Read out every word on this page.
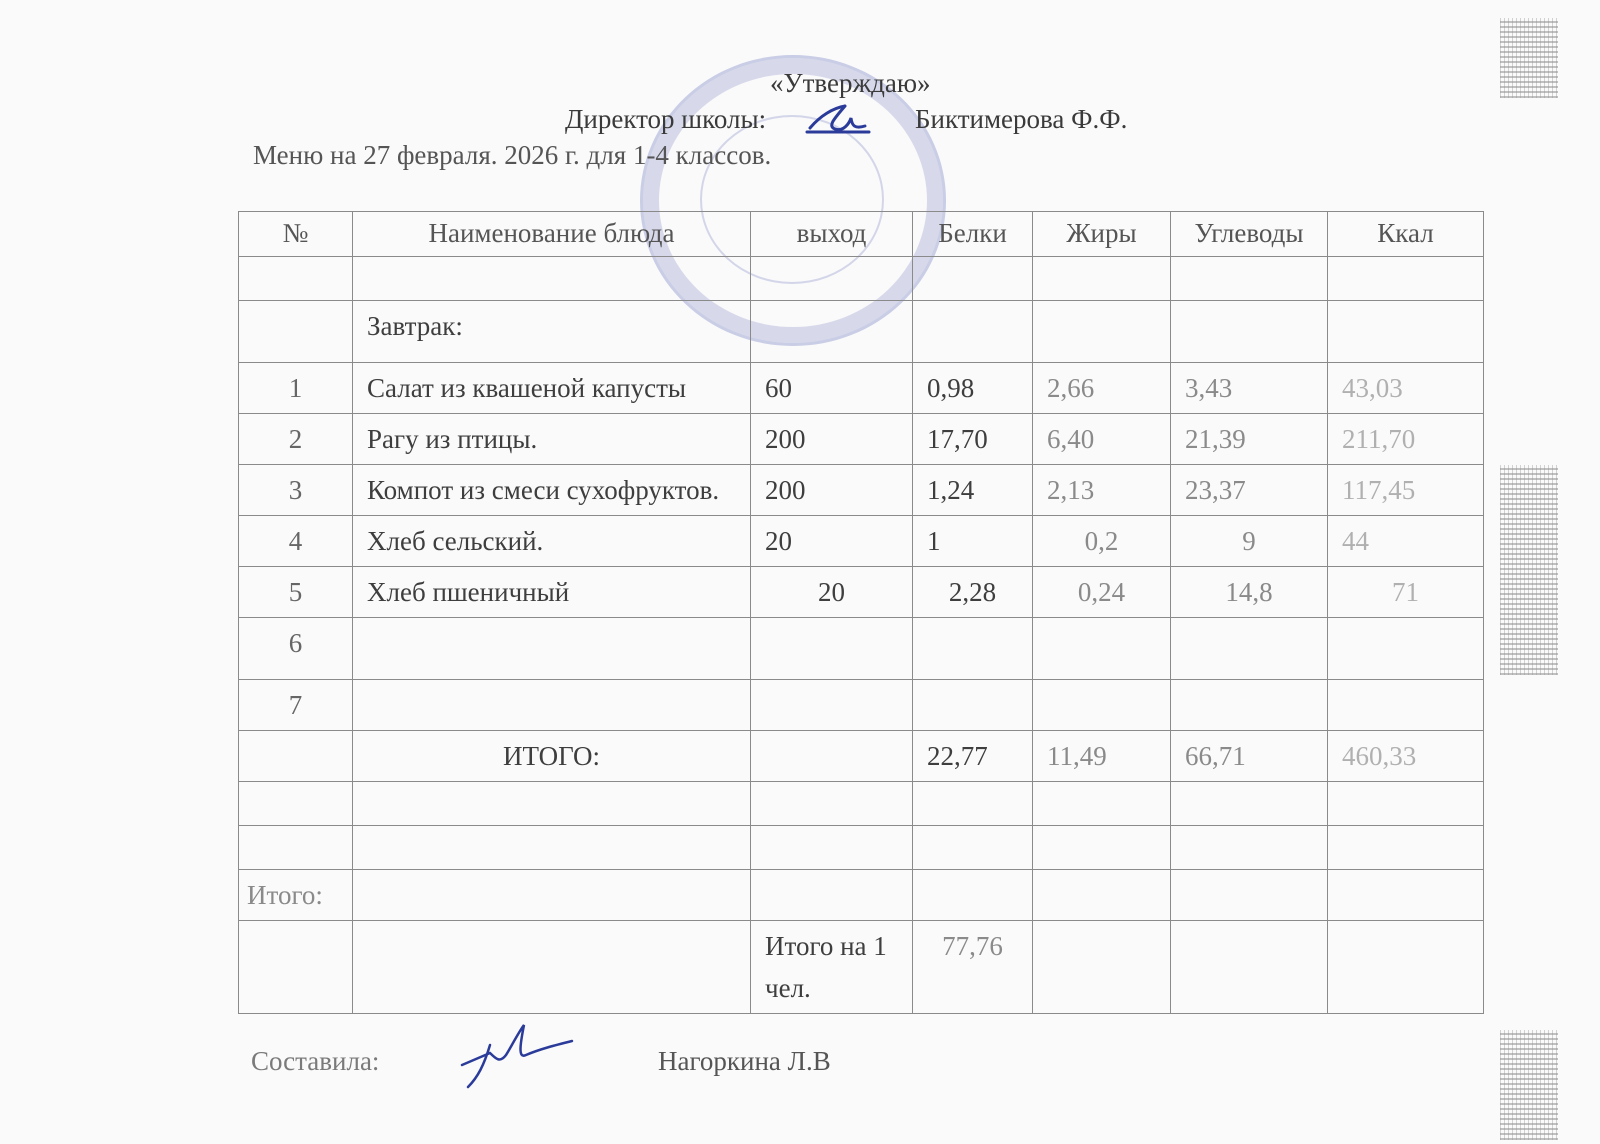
«Утверждаю»
Директор школы:	Биктимерова Ф.Ф.
Меню на 27 февраля. 2026 г. для 1-4 классов.
№	Наименование блюда	выход	Белки	Жиры	Углеводы	Ккал

	Завтрак:					
1	Салат из квашеной капусты	60	0,98	2,66	3,43	43,03
2	Рагу из птицы.	200	17,70	6,40	21,39	211,70
3	Компот из смеси сухофруктов.	200	1,24	2,13	23,37	117,45
4	Хлеб сельский.	20	1	0,2	9	44
5	Хлеб пшеничный	20	2,28	0,24	14,8	71
6						
7						
	ИТОГО:		22,77	11,49	66,71	460,33

Итого:						
		Итого на 1 чел.	77,76			
Составила:	Нагоркина Л.В
